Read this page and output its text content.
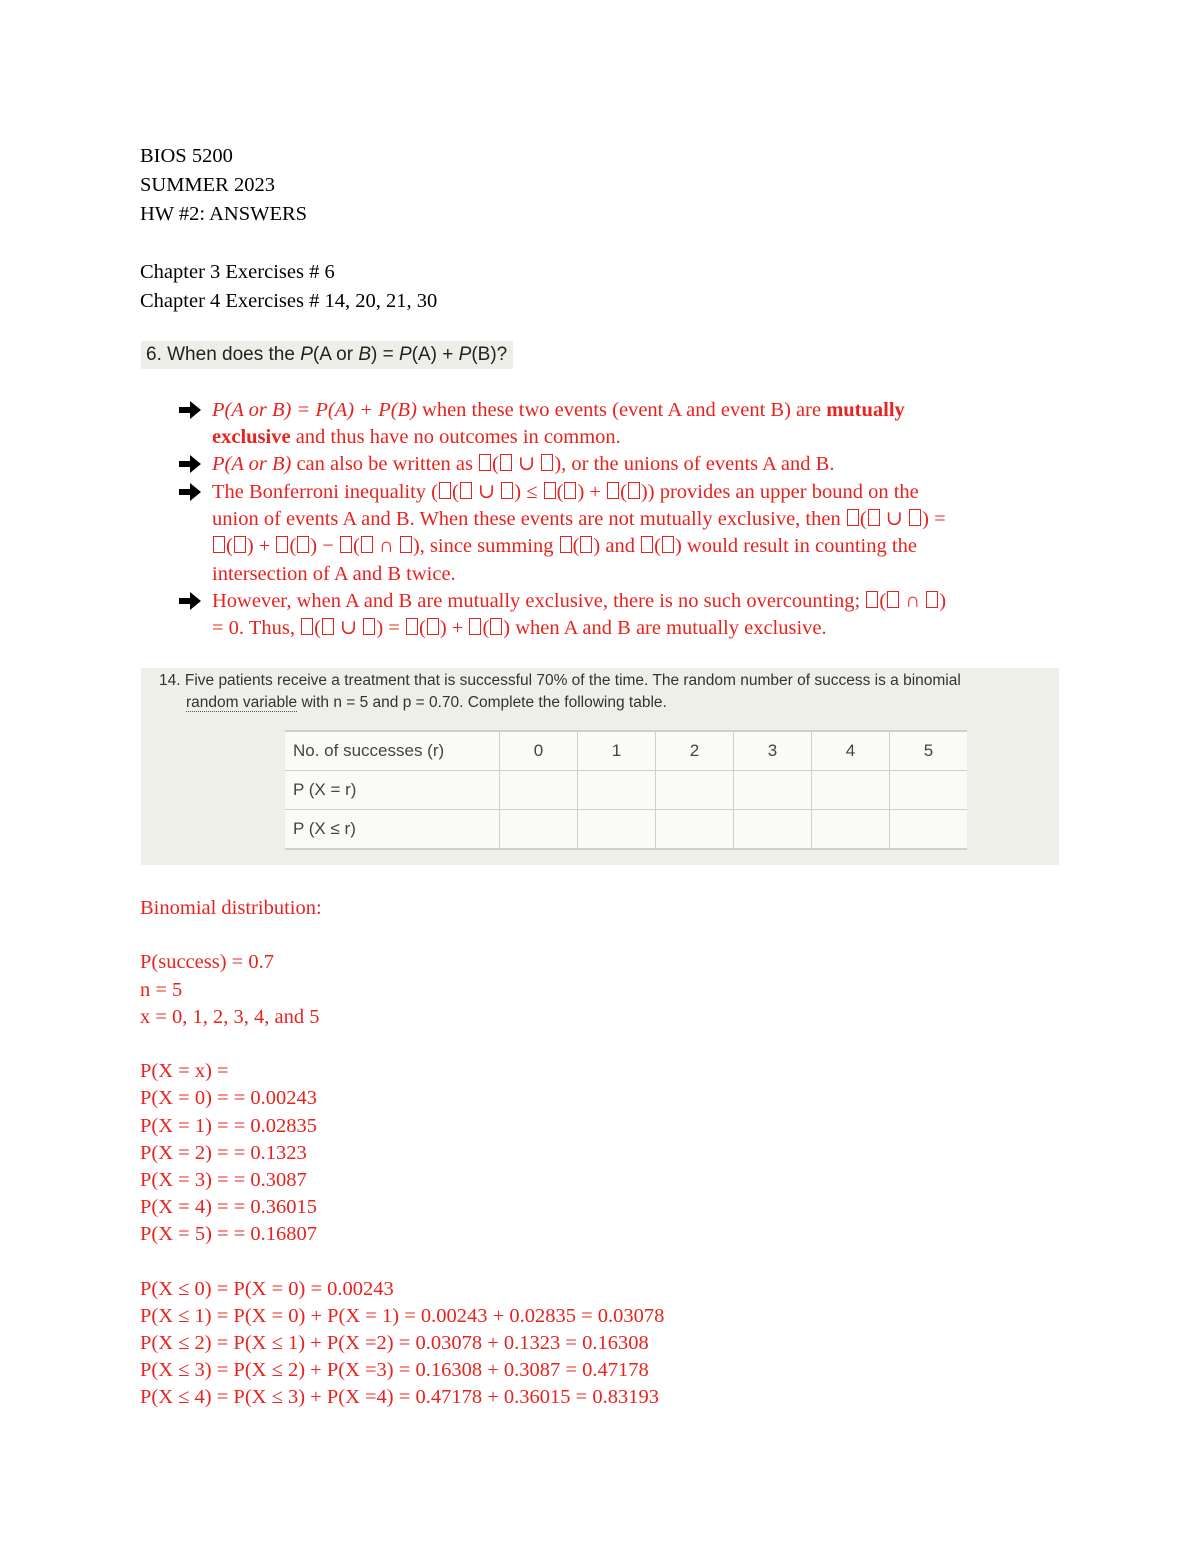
BIOS 5200
SUMMER 2023
HW #2: ANSWERS
Chapter 3 Exercises # 6
Chapter 4 Exercises # 14, 20, 21, 30
6. When does the P(A or B) = P(A) + P(B)?
P(A or B) = P(A) + P(B) when these two events (event A and event B) are mutually
exclusive and thus have no outcomes in common.
P(A or B) can also be written as ( ∪ ), or the unions of events A and B.
The Bonferroni inequality ( ( ∪ ) ≤ ( ) + ( )) provides an upper bound on the
union of events A and B. When these events are not mutually exclusive, then ( ∪ ) =
( ) + ( ) − ( ∩ ), since summing ( ) and ( ) would result in counting the
intersection of A and B twice.
However, when A and B are mutually exclusive, there is no such overcounting; ( ∩ )
= 0. Thus, ( ∪ ) = ( ) + ( ) when A and B are mutually exclusive.
14. Five patients receive a treatment that is successful 70% of the time. The random number of success is a binomial
random variable with n = 5 and p = 0.70. Complete the following table.
No. of successes (r)	0	1	2	3	4	5
P (X = r)						
P (X ≤ r)						
Binomial distribution:
P(success) = 0.7
n = 5
x = 0, 1, 2, 3, 4, and 5
P(X = x) =
P(X = 0) = = 0.00243
P(X = 1) = = 0.02835
P(X = 2) = = 0.1323
P(X = 3) = = 0.3087
P(X = 4) = = 0.36015
P(X = 5) = = 0.16807
P(X ≤ 0) = P(X = 0) = 0.00243
P(X ≤ 1) = P(X = 0) + P(X = 1) = 0.00243 + 0.02835 = 0.03078
P(X ≤ 2) = P(X ≤ 1) + P(X =2) = 0.03078 + 0.1323 = 0.16308
P(X ≤ 3) = P(X ≤ 2) + P(X =3) = 0.16308 + 0.3087 = 0.47178
P(X ≤ 4) = P(X ≤ 3) + P(X =4) = 0.47178 + 0.36015 = 0.83193
